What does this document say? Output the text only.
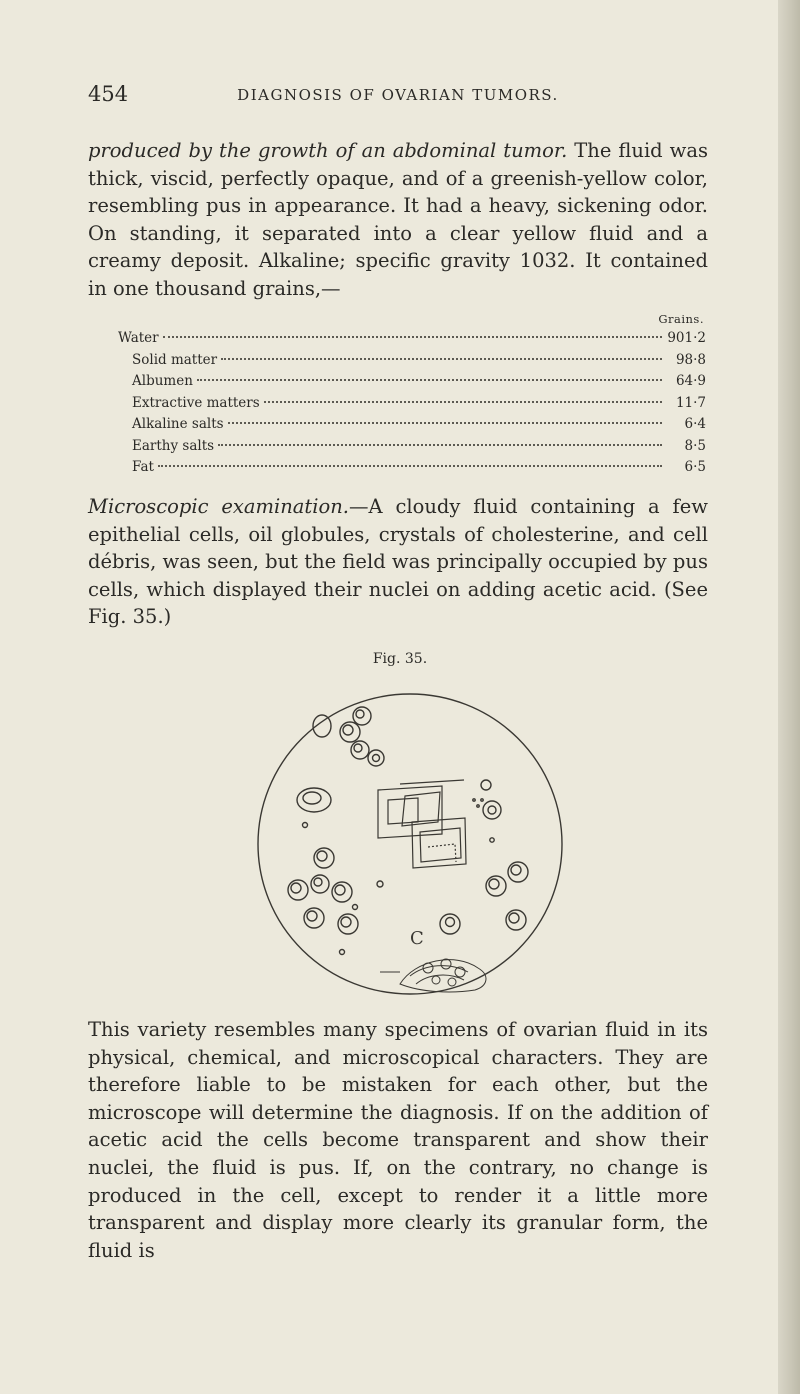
454	DIAGNOSIS OF OVARIAN TUMORS.

produced by the growth of an abdominal tumor. The fluid was thick, viscid, perfectly opaque, and of a greenish-yellow color, resembling pus in appearance. It had a heavy, sickening odor. On standing, it separated into a clear yellow fluid and a creamy deposit. Alkaline; specific gravity 1032. It contained in one thousand grains,—

Grains.
Water	901·2
Solid matter	98·8
Albumen	64·9
Extractive matters	11·7
Alkaline salts	6·4
Earthy salts	8·5
Fat	6·5

Microscopic examination.—A cloudy fluid containing a few epithelial cells, oil globules, crystals of cholesterine, and cell débris, was seen, but the field was principally occupied by pus cells, which displayed their nuclei on adding acetic acid. (See Fig. 35.)

Fig. 35.
C

This variety resembles many specimens of ovarian fluid in its physical, chemical, and microscopical characters. They are therefore liable to be mistaken for each other, but the microscope will determine the diagnosis. If on the addition of acetic acid the cells become transparent and show their nuclei, the fluid is pus. If, on the contrary, no change is produced in the cell, except to render it a little more transparent and display more clearly its granular form, the fluid is
